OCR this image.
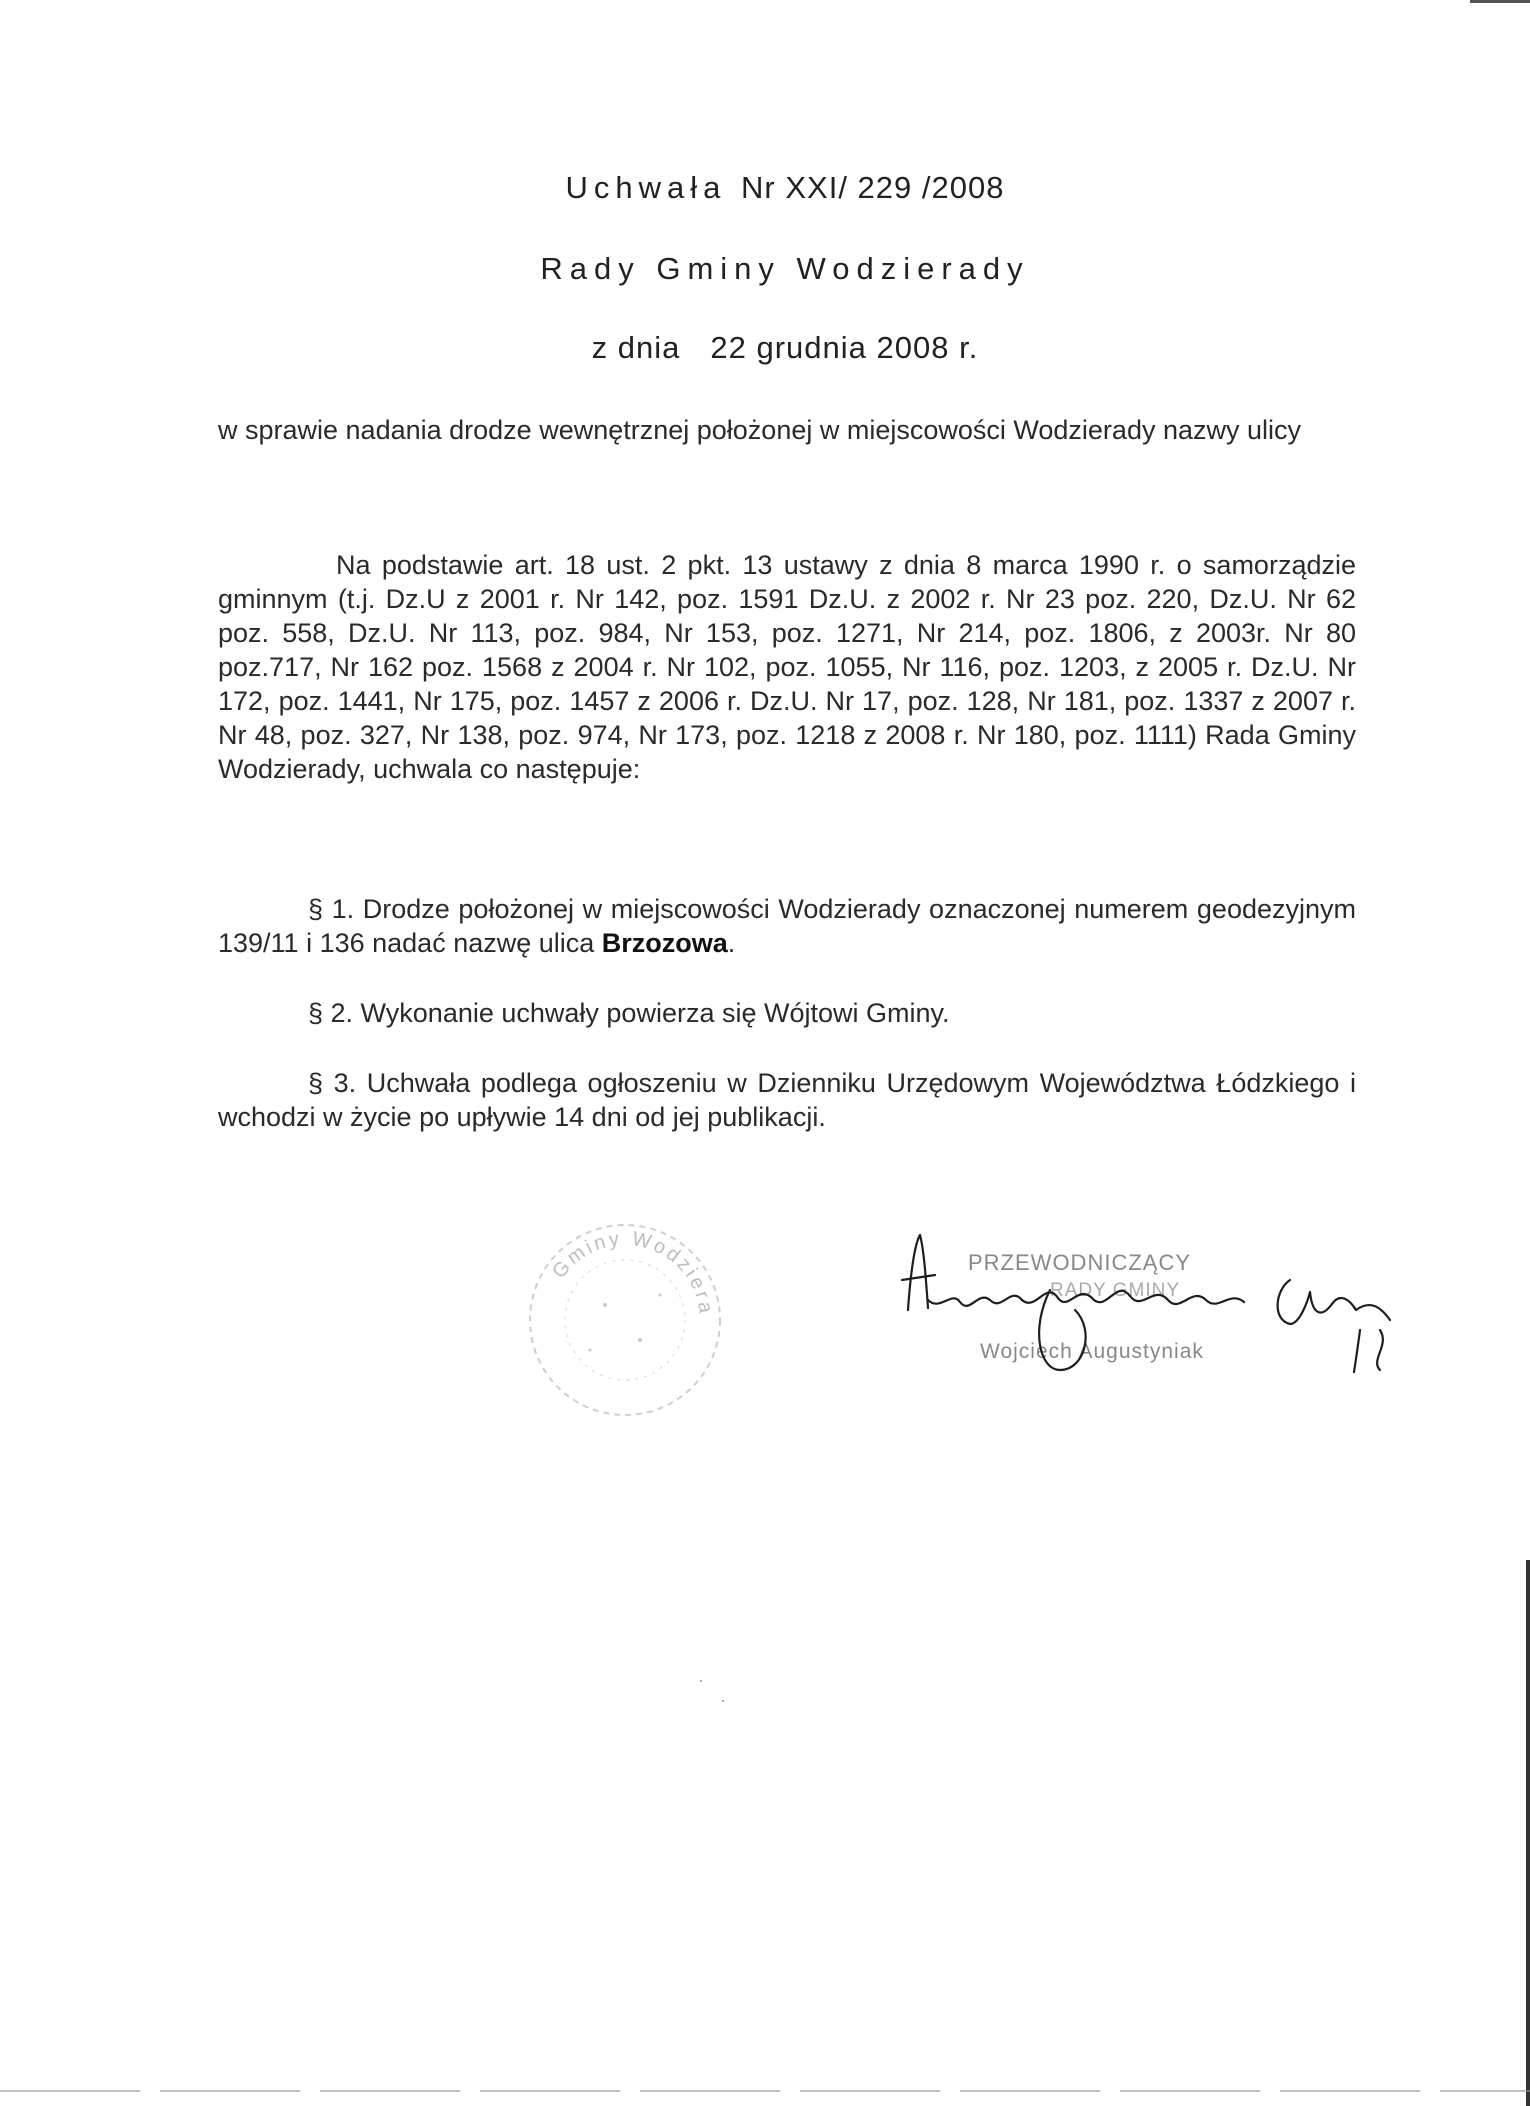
Uchwała Nr XXI/ 229 /2008
Rady Gminy Wodzierady
z dnia 22 grudnia 2008 r.
w sprawie nadania drodze wewnętrznej położonej w miejscowości Wodzierady nazwy ulicy
Na podstawie art. 18 ust. 2 pkt. 13 ustawy z dnia 8 marca 1990 r. o samorządzie gminnym (t.j. Dz.U z 2001 r. Nr 142, poz. 1591 Dz.U. z 2002 r. Nr 23 poz. 220, Dz.U. Nr 62 poz. 558, Dz.U. Nr 113, poz. 984, Nr 153, poz. 1271, Nr 214, poz. 1806, z 2003r. Nr 80 poz.717, Nr 162 poz. 1568 z 2004 r. Nr 102, poz. 1055, Nr 116, poz. 1203, z 2005 r. Dz.U. Nr 172, poz. 1441, Nr 175, poz. 1457 z 2006 r. Dz.U. Nr 17, poz. 128, Nr 181, poz. 1337 z 2007 r. Nr 48, poz. 327, Nr 138, poz. 974, Nr 173, poz. 1218 z 2008 r. Nr 180, poz. 1111) Rada Gminy Wodzierady, uchwala co następuje:
§ 1. Drodze położonej w miejscowości Wodzierady oznaczonej numerem geodezyjnym 139/11 i 136 nadać nazwę ulica Brzozowa.
§ 2. Wykonanie uchwały powierza się Wójtowi Gminy.
§ 3. Uchwała podlega ogłoszeniu w Dzienniku Urzędowym Województwa Łódzkiego i wchodzi w życie po upływie 14 dni od jej publikacji.
Gminy Wodziera
PRZEWODNICZĄCY
RADY GMINY
Wojciech Augustyniak
